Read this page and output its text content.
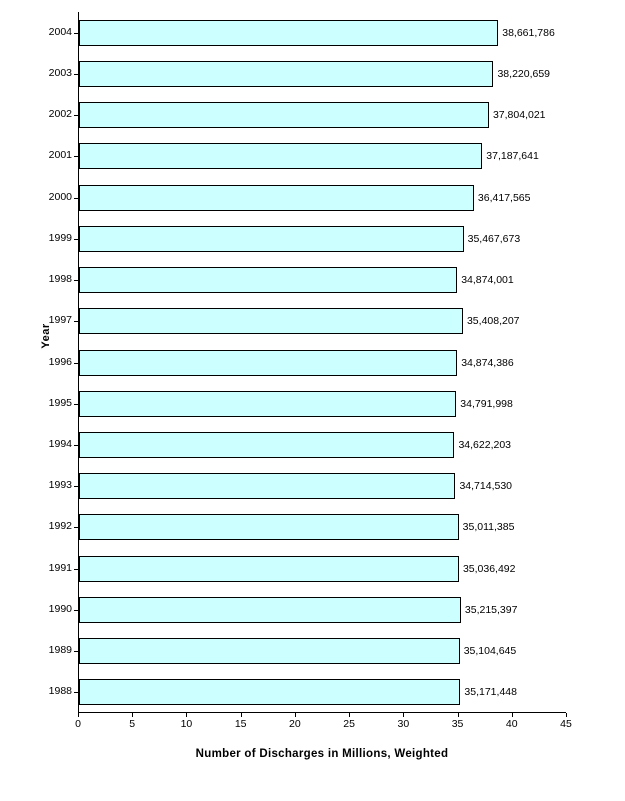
Year
2004
2003
2002
2001
2000
1999
1998
1997
1996
1995
1994
1993
1992
1991
1990
1989
1988
38,661,786
38,220,659
37,804,021
37,187,641
36,417,565
35,467,673
34,874,001
35,408,207
34,874,386
34,791,998
34,622,203
34,714,530
35,011,385
35,036,492
35,215,397
35,104,645
35,171,448
0	5	10	15	20	25	30	35	40	45
Number of Discharges in Millions, Weighted
